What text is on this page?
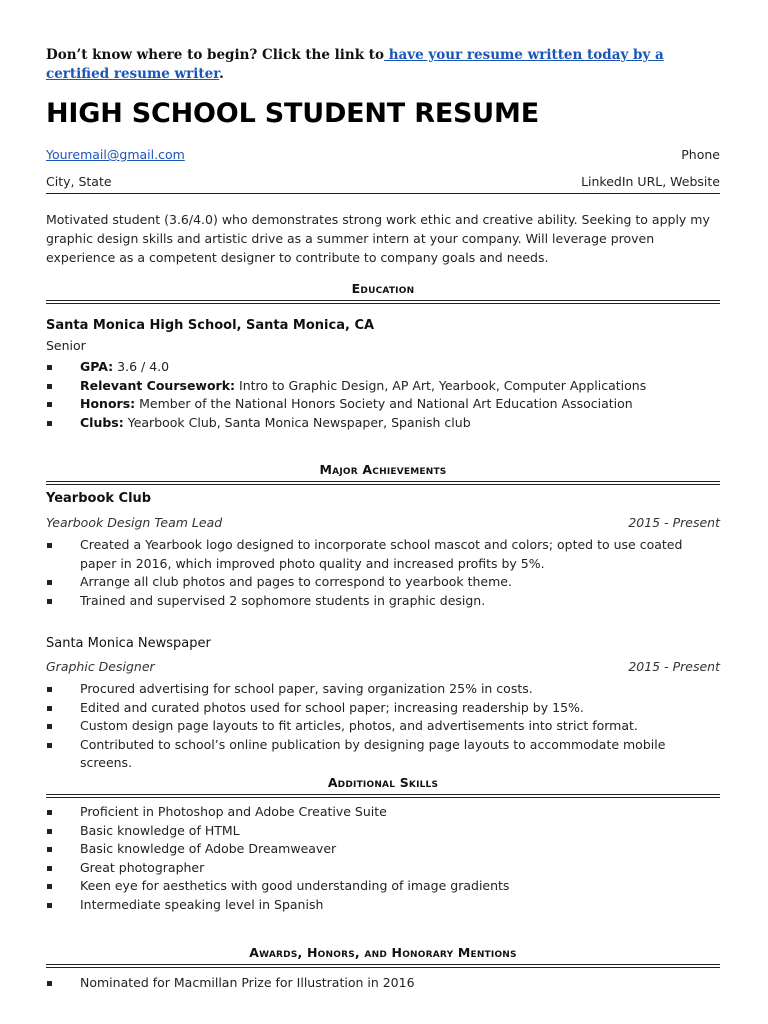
Don’t know where to begin? Click the link to have your resume written today by a certified resume writer.
HIGH SCHOOL STUDENT RESUME
Youremail@gmail.com	Phone
City, State	LinkedIn URL, Website
Motivated student (3.6/4.0) who demonstrates strong work ethic and creative ability. Seeking to apply my graphic design skills and artistic drive as a summer intern at your company. Will leverage proven experience as a competent designer to contribute to company goals and needs.
Education
Santa Monica High School, Santa Monica, CA
Senior
GPA: 3.6 / 4.0
Relevant Coursework: Intro to Graphic Design, AP Art, Yearbook, Computer Applications
Honors: Member of the National Honors Society and National Art Education Association
Clubs: Yearbook Club, Santa Monica Newspaper, Spanish club
Major Achievements
Yearbook Club
Yearbook Design Team Lead	2015 - Present
Created a Yearbook logo designed to incorporate school mascot and colors; opted to use coated paper in 2016, which improved photo quality and increased profits by 5%.
Arrange all club photos and pages to correspond to yearbook theme.
Trained and supervised 2 sophomore students in graphic design.
Santa Monica Newspaper
Graphic Designer	2015 - Present
Procured advertising for school paper, saving organization 25% in costs.
Edited and curated photos used for school paper; increasing readership by 15%.
Custom design page layouts to fit articles, photos, and advertisements into strict format.
Contributed to school’s online publication by designing page layouts to accommodate mobile screens.
Additional Skills
Proficient in Photoshop and Adobe Creative Suite
Basic knowledge of HTML
Basic knowledge of Adobe Dreamweaver
Great photographer
Keen eye for aesthetics with good understanding of image gradients
Intermediate speaking level in Spanish
Awards, Honors, and Honorary Mentions
Nominated for Macmillan Prize for Illustration in 2016
